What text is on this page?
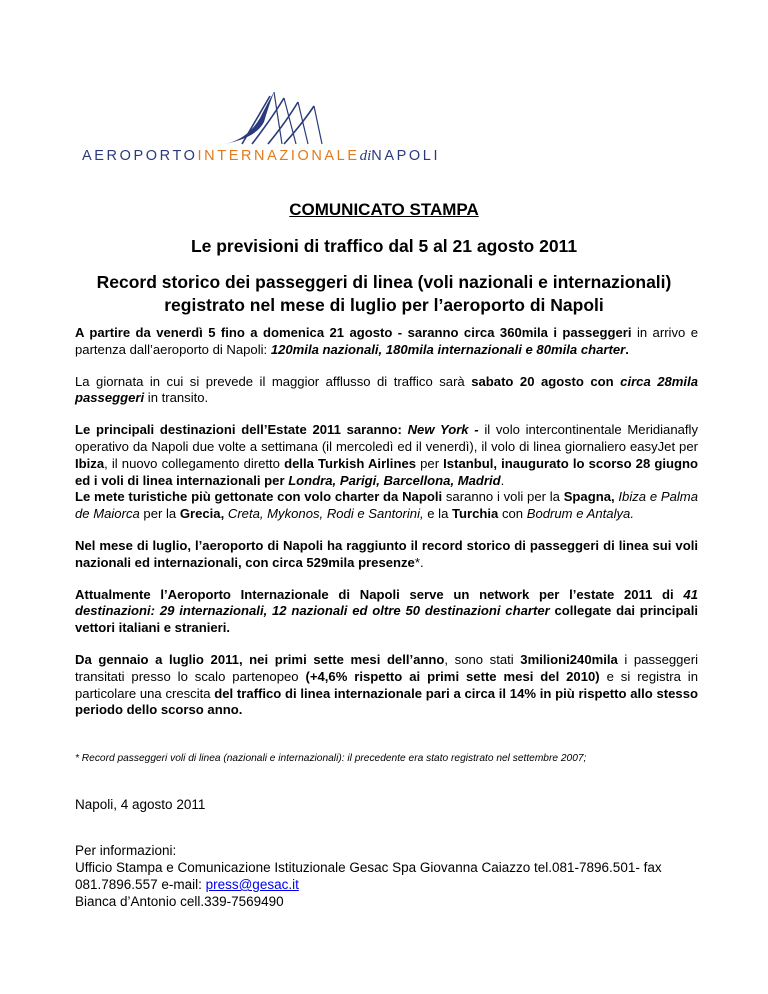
AEROPORTOINTERNAZIONALEdiNAPOLI
COMUNICATO STAMPA
Le previsioni di traffico dal 5 al 21 agosto 2011
Record storico dei passeggeri di linea (voli nazionali e internazionali) registrato nel mese di luglio per l’aeroporto di Napoli

A partire da venerdì 5 fino a domenica 21 agosto - saranno circa 360mila i passeggeri in arrivo e partenza dall’aeroporto di Napoli: 120mila nazionali, 180mila internazionali e 80mila charter.

La giornata in cui si prevede il maggior afflusso di traffico sarà sabato 20 agosto con circa 28mila passeggeri in transito.

Le principali destinazioni dell’Estate 2011 saranno: New York - il volo intercontinentale Meridianafly operativo da Napoli due volte a settimana (il mercoledì ed il venerdì), il volo di linea giornaliero easyJet per Ibiza, il nuovo collegamento diretto della Turkish Airlines per Istanbul, inaugurato lo scorso 28 giugno ed i voli di linea internazionali per Londra, Parigi, Barcellona, Madrid.

Le mete turistiche più gettonate con volo charter da Napoli saranno i voli per la Spagna, Ibiza e Palma de Maiorca per la Grecia, Creta, Mykonos, Rodi e Santorini, e la Turchia con Bodrum e Antalya.

Nel mese di luglio, l’aeroporto di Napoli ha raggiunto il record storico di passeggeri di linea sui voli nazionali ed internazionali, con circa 529mila presenze*.

Attualmente l’Aeroporto Internazionale di Napoli serve un network per l’estate 2011 di 41 destinazioni: 29 internazionali, 12 nazionali ed oltre 50 destinazioni charter collegate dai principali vettori italiani e stranieri.

Da gennaio a luglio 2011, nei primi sette mesi dell’anno, sono stati 3milioni240mila i passeggeri transitati presso lo scalo partenopeo (+4,6% rispetto ai primi sette mesi del 2010) e si registra in particolare una crescita del traffico di linea internazionale pari a circa il 14% in più rispetto allo stesso periodo dello scorso anno.

* Record passeggeri voli di linea (nazionali e internazionali): il precedente era stato registrato nel settembre 2007;
Napoli, 4 agosto 2011
Per informazioni:
Ufficio Stampa e Comunicazione Istituzionale Gesac Spa Giovanna Caiazzo tel.081-7896.501- fax 081.7896.557 e-mail: press@gesac.it
Bianca d’Antonio cell.339-7569490
